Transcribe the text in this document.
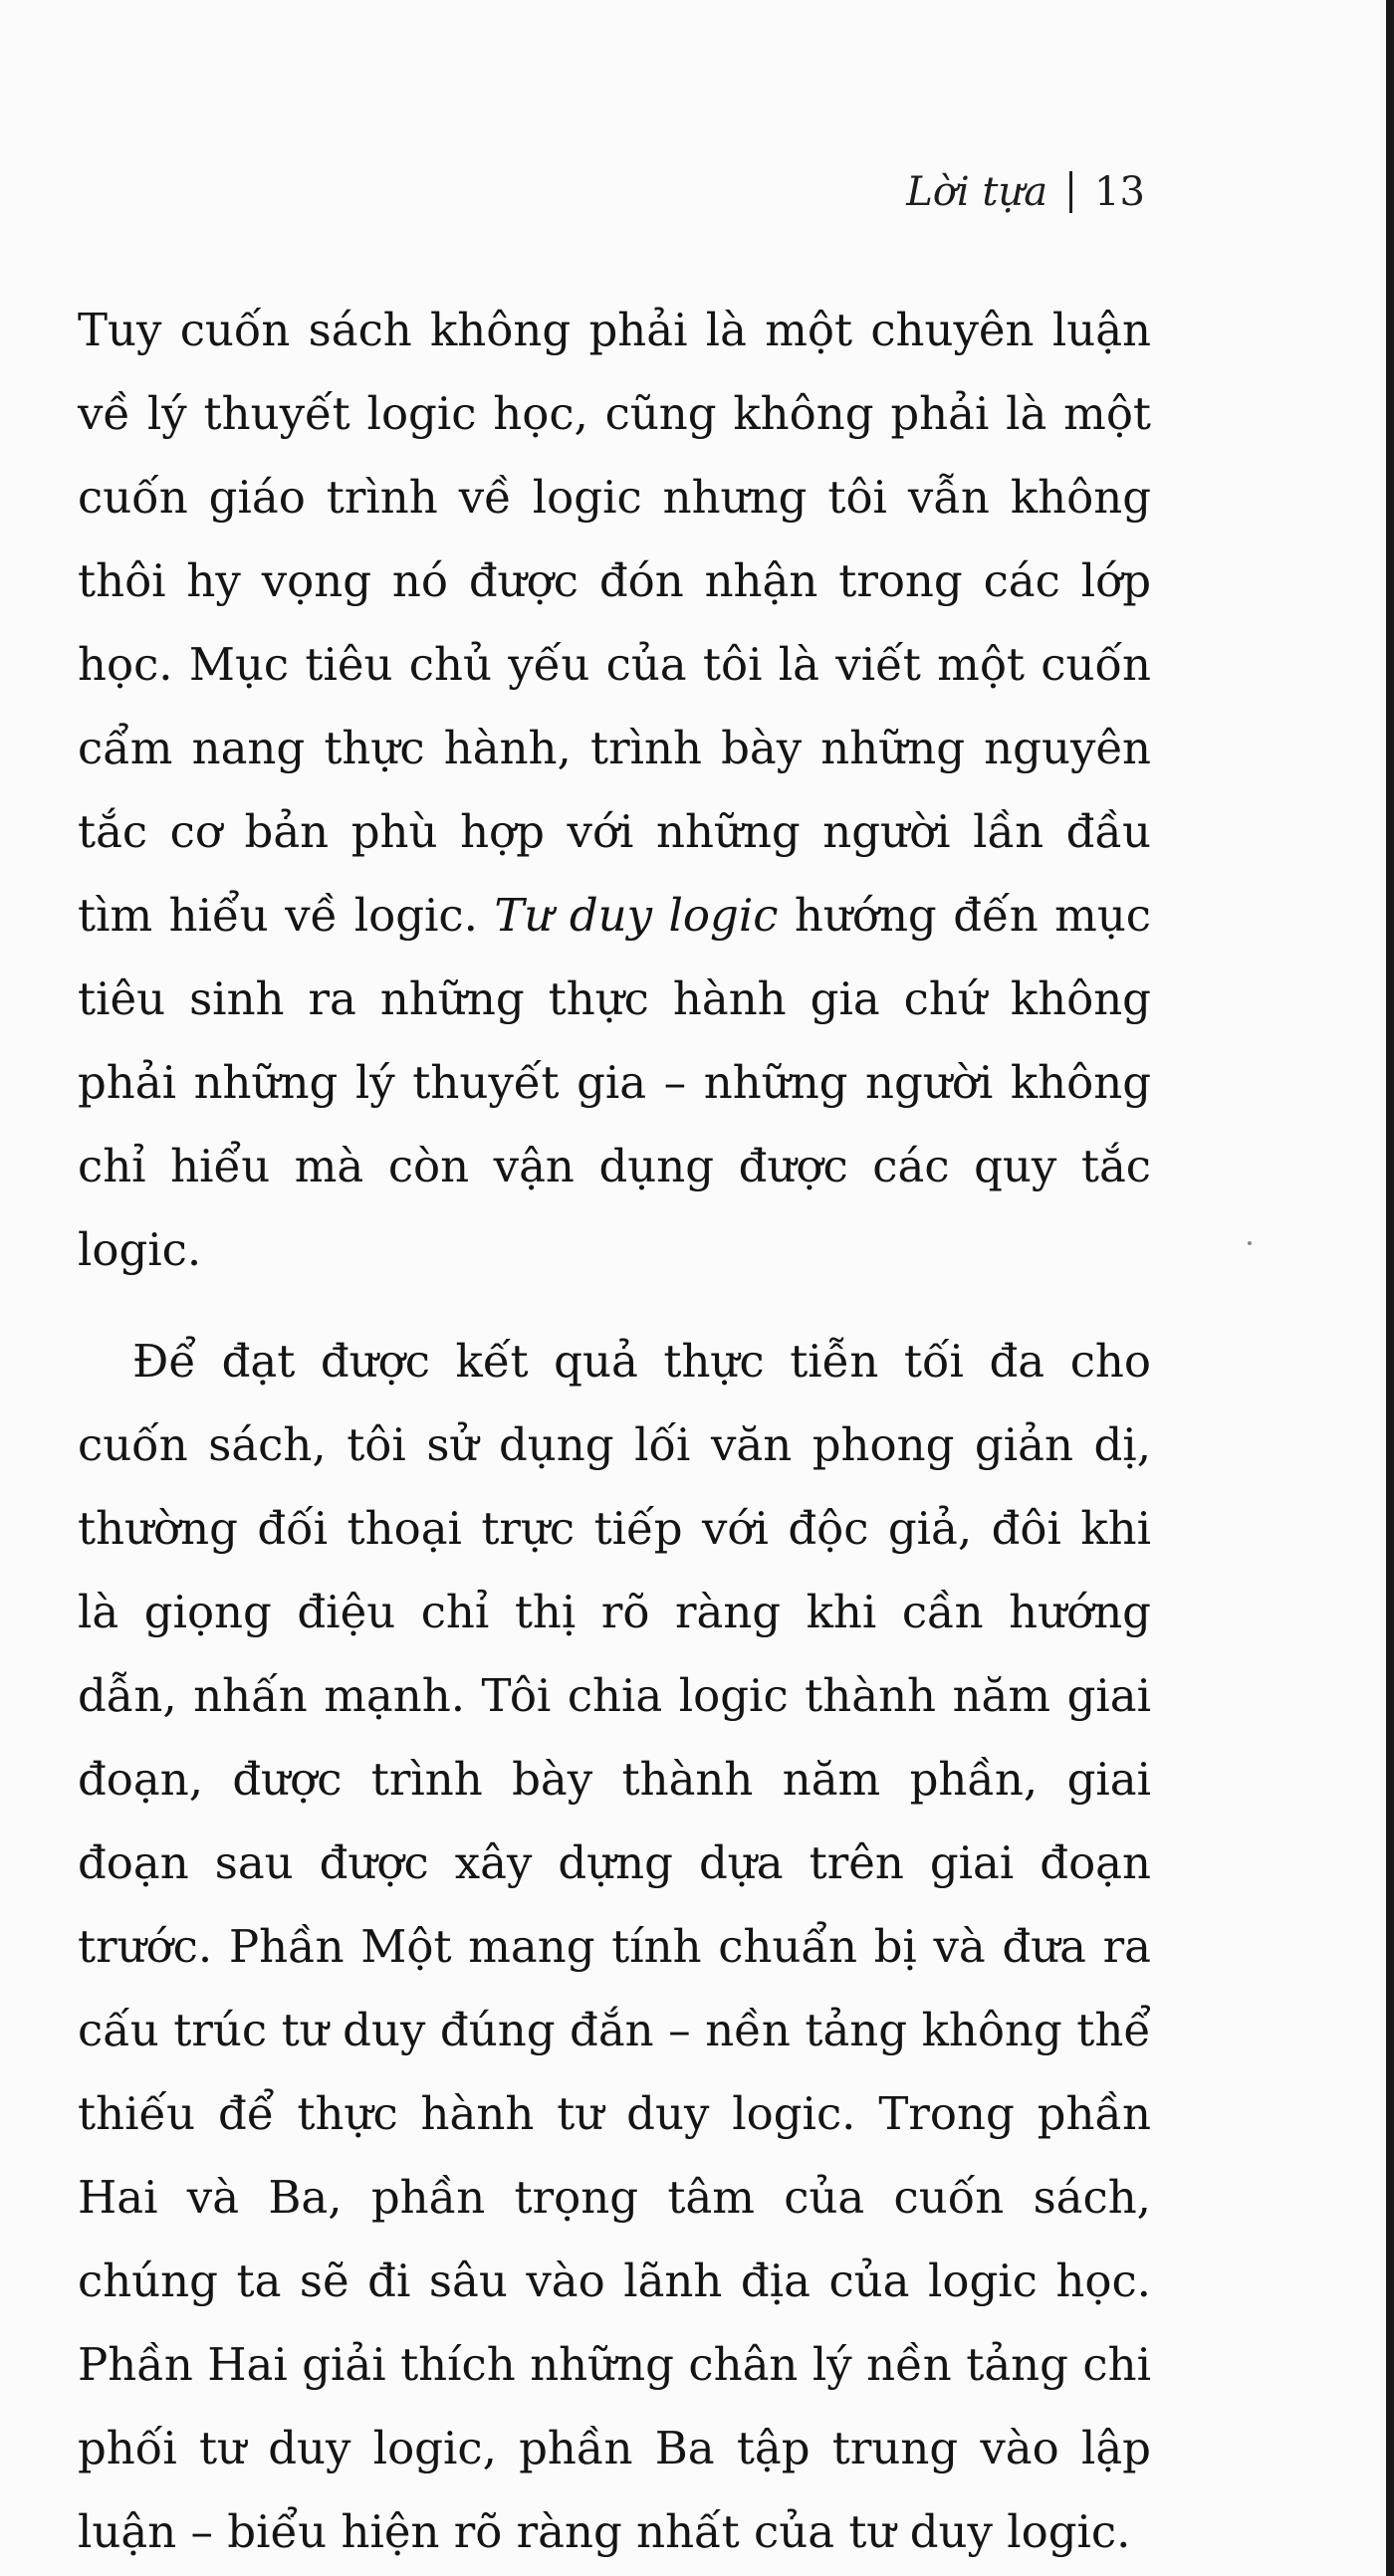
Lời tựa 13

Tuy cuốn sách không phải là một chuyên luận về lý thuyết logic học, cũng không phải là một cuốn giáo trình về logic nhưng tôi vẫn không thôi hy vọng nó được đón nhận trong các lớp học. Mục tiêu chủ yếu của tôi là viết một cuốn cẩm nang thực hành, trình bày những nguyên tắc cơ bản phù hợp với những người lần đầu tìm hiểu về logic. Tư duy logic hướng đến mục tiêu sinh ra những thực hành gia chứ không phải những lý thuyết gia – những người không chỉ hiểu mà còn vận dụng được các quy tắc logic.

Để đạt được kết quả thực tiễn tối đa cho cuốn sách, tôi sử dụng lối văn phong giản dị, thường đối thoại trực tiếp với độc giả, đôi khi là giọng điệu chỉ thị rõ ràng khi cần hướng dẫn, nhấn mạnh. Tôi chia logic thành năm giai đoạn, được trình bày thành năm phần, giai đoạn sau được xây dựng dựa trên giai đoạn trước. Phần Một mang tính chuẩn bị và đưa ra cấu trúc tư duy đúng đắn – nền tảng không thể thiếu để thực hành tư duy logic. Trong phần Hai và Ba, phần trọng tâm của cuốn sách, chúng ta sẽ đi sâu vào lãnh địa của logic học. Phần Hai giải thích những chân lý nền tảng chi phối tư duy logic, phần Ba tập trung vào lập luận – biểu hiện rõ ràng nhất của tư duy logic.
